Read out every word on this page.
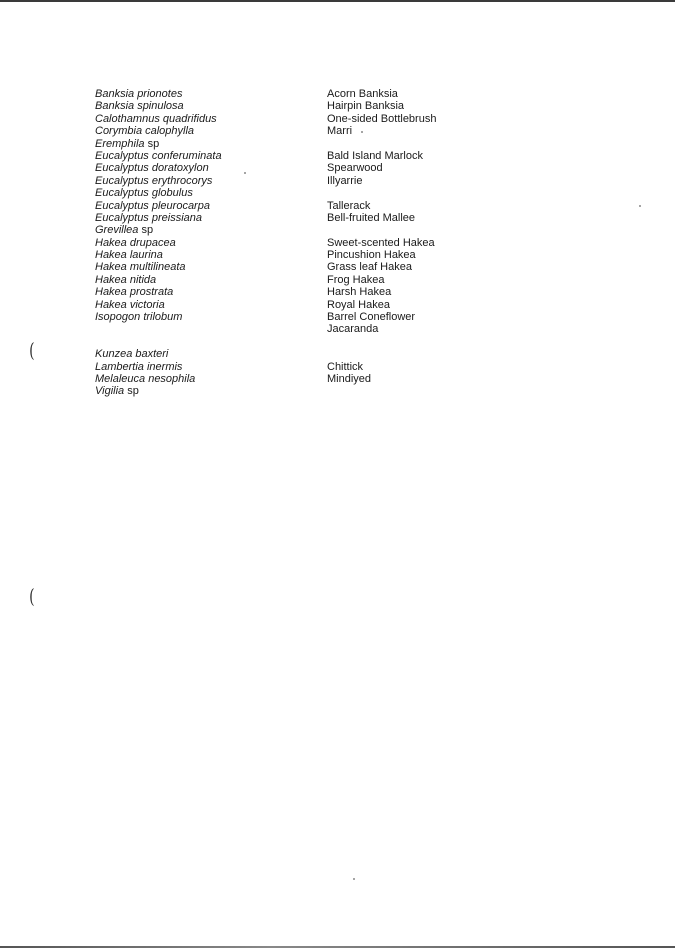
(
(
Banksia prionotes
Banksia spinulosa
Calothamnus quadrifidus
Corymbia calophylla
Eremphila sp
Eucalyptus conferuminata
Eucalyptus doratoxylon
Eucalyptus erythrocorys
Eucalyptus globulus
Eucalyptus pleurocarpa
Eucalyptus preissiana
Grevillea sp
Hakea drupacea
Hakea laurina
Hakea multilineata
Hakea nitida
Hakea prostrata
Hakea victoria
Isopogon trilobum
Kunzea baxteri
Lambertia inermis
Melaleuca nesophila
Vigilia sp
Acorn Banksia
Hairpin Banksia
One-sided Bottlebrush
Marri
Bald Island Marlock
Spearwood
Illyarrie
Tallerack
Bell-fruited Mallee
Sweet-scented Hakea
Pincushion Hakea
Grass leaf Hakea
Frog Hakea
Harsh Hakea
Royal Hakea
Barrel Coneflower
Jacaranda
Chittick
Mindiyed
